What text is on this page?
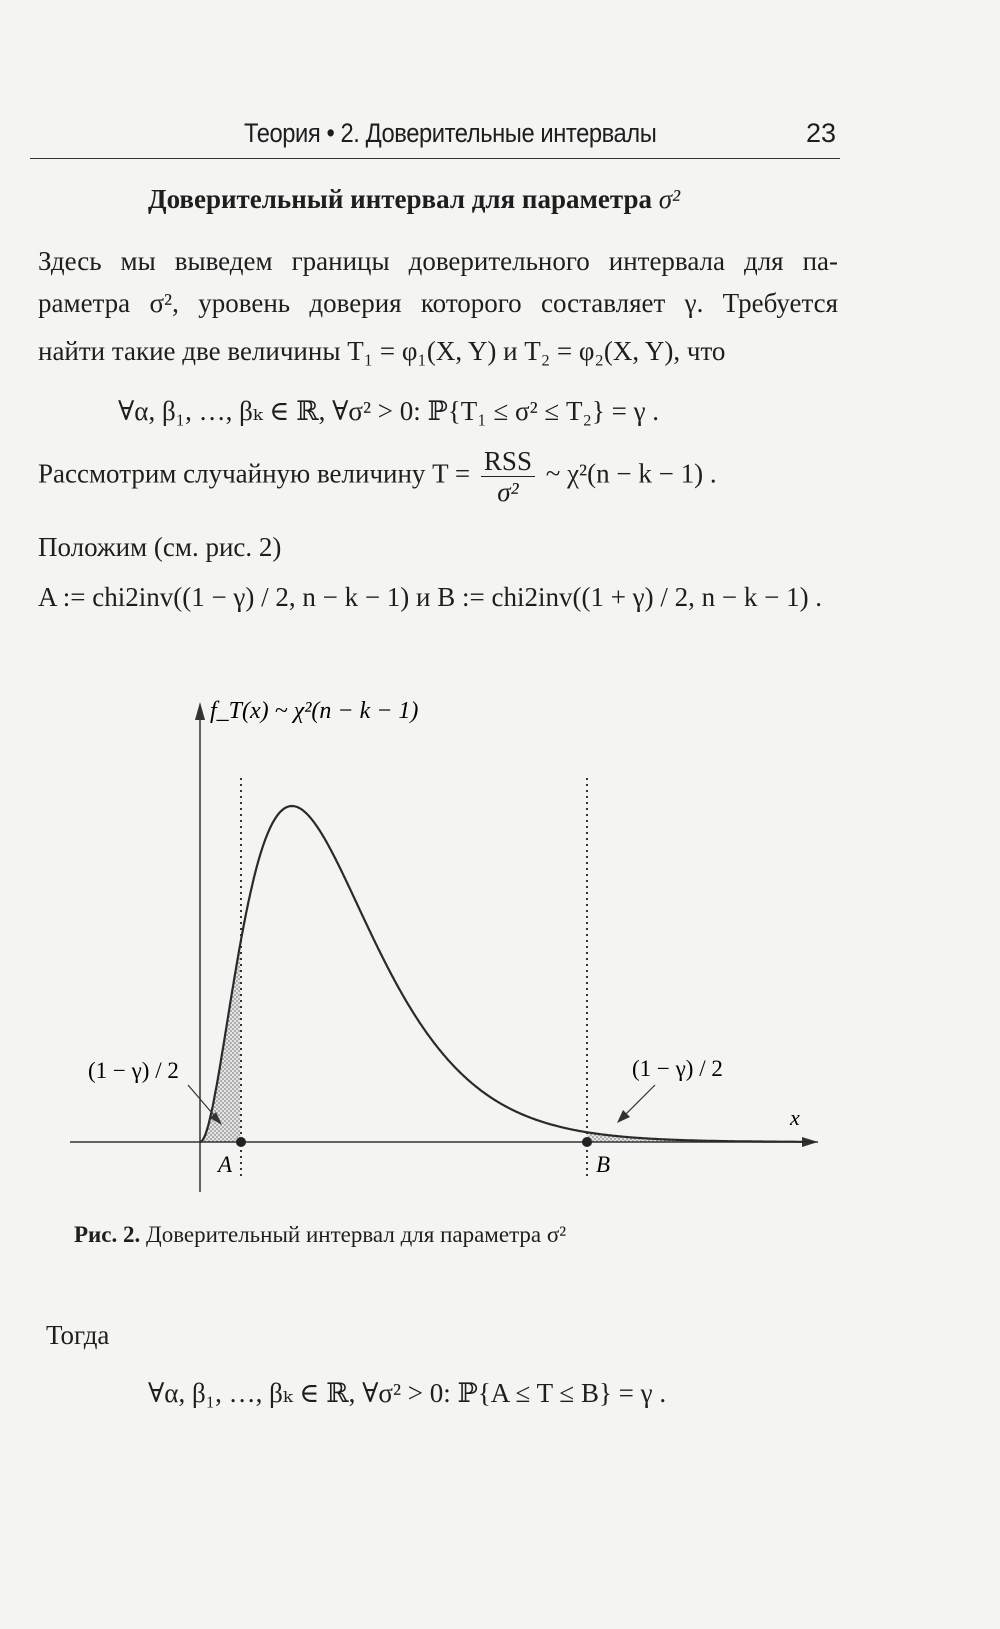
Теория • 2. Доверительные интервалы	23
Доверительный интервал для параметра σ²
Здесь мы выведем границы доверительного интервала для па-
раметра σ², уровень доверия которого составляет γ. Требуется
найти такие две величины T₁ = φ₁(X, Y) и T₂ = φ₂(X, Y), что
∀α, β₁, …, βₖ ∈ ℝ, ∀σ² > 0: ℙ{T₁ ≤ σ² ≤ T₂} = γ .
Рассмотрим случайную величину $T = \frac{\text{RSS}}{\text{σ²}}$ ~ χ²(n − k − 1) .
Положим (см. рис. 2)
A := chi2inv((1 − γ) / 2, n − k − 1) и B := chi2inv((1 + γ) / 2, n − k − 1) .
f_T(x) ~ χ²(n − k − 1)
(1 − γ) / 2	(1 − γ) / 2
x
A	B
Рис. 2. Доверительный интервал для параметра σ²
Тогда
∀α, β₁, …, βₖ ∈ ℝ, ∀σ² > 0: ℙ{A ≤ T ≤ B} = γ .
